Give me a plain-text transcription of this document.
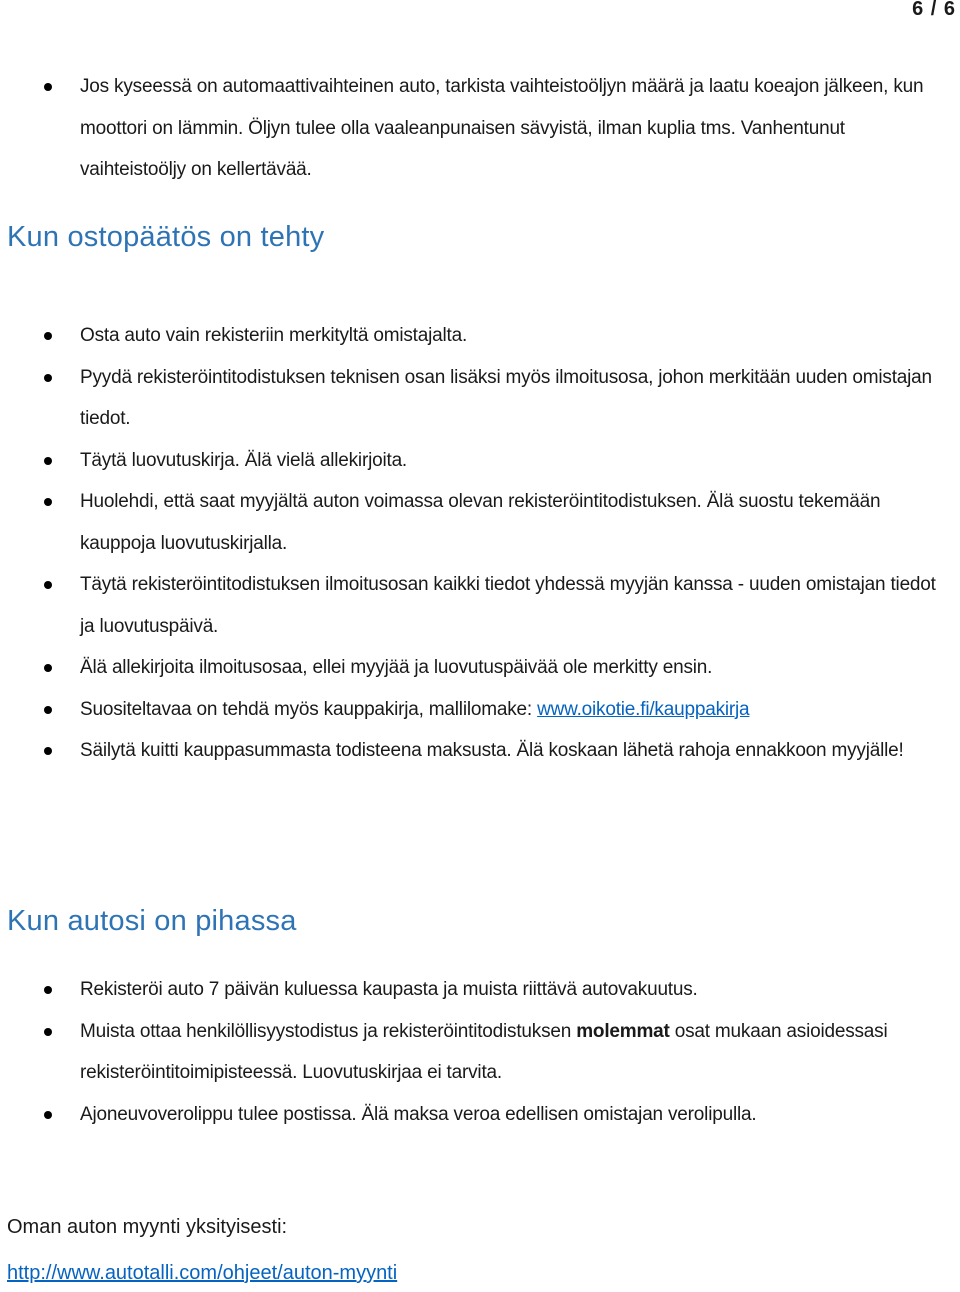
6 / 6
Jos kyseessä on automaattivaihteinen auto, tarkista vaihteistoöljyn määrä ja laatu koeajon jälkeen, kun moottori on lämmin. Öljyn tulee olla vaaleanpunaisen sävyistä, ilman kuplia tms. Vanhentunut vaihteistoöljy on kellertävää.
Kun ostopäätös on tehty
Osta auto vain rekisteriin merkityltä omistajalta.
Pyydä rekisteröintitodistuksen teknisen osan lisäksi myös ilmoitusosa, johon merkitään uuden omistajan tiedot.
Täytä luovutuskirja. Älä vielä allekirjoita.
Huolehdi, että saat myyjältä auton voimassa olevan rekisteröintitodistuksen. Älä suostu tekemään kauppoja luovutuskirjalla.
Täytä rekisteröintitodistuksen ilmoitusosan kaikki tiedot yhdessä myyjän kanssa - uuden omistajan tiedot ja luovutuspäivä.
Älä allekirjoita ilmoitusosaa, ellei myyjää ja luovutuspäivää ole merkitty ensin.
Suositeltavaa on tehdä myös kauppakirja, mallilomake: www.oikotie.fi/kauppakirja
Säilytä kuitti kauppasummasta todisteena maksusta. Älä koskaan lähetä rahoja ennakkoon myyjälle!
Kun autosi on pihassa
Rekisteröi auto 7 päivän kuluessa kaupasta ja muista riittävä autovakuutus.
Muista ottaa henkilöllisyystodistus ja rekisteröintitodistuksen molemmat osat mukaan asioidessasi rekisteröintitoimipisteessä. Luovutuskirjaa ei tarvita.
Ajoneuvoverolippu tulee postissa. Älä maksa veroa edellisen omistajan verolipulla.
Oman auton myynti yksityisesti:
http://www.autotalli.com/ohjeet/auton-myynti
